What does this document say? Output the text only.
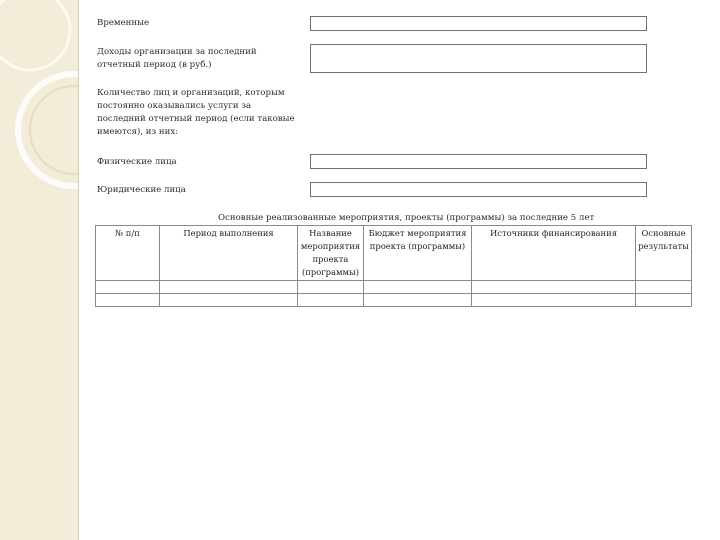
Временные
Доходы организации за последний отчетный период (в руб.)
Количество лиц и организаций, которым постоянно оказывались услуги за последний отчетный период (если таковые имеются), из них:
Физические лица
Юридические лица
Основные реализованные мероприятия, проекты (программы) за последние 5 лет
№ п/п	Период выполнения	Название мероприятия проекта (программы)	Бюджет мероприятия проекта (программы)	Источники финансирования	Основные результаты
